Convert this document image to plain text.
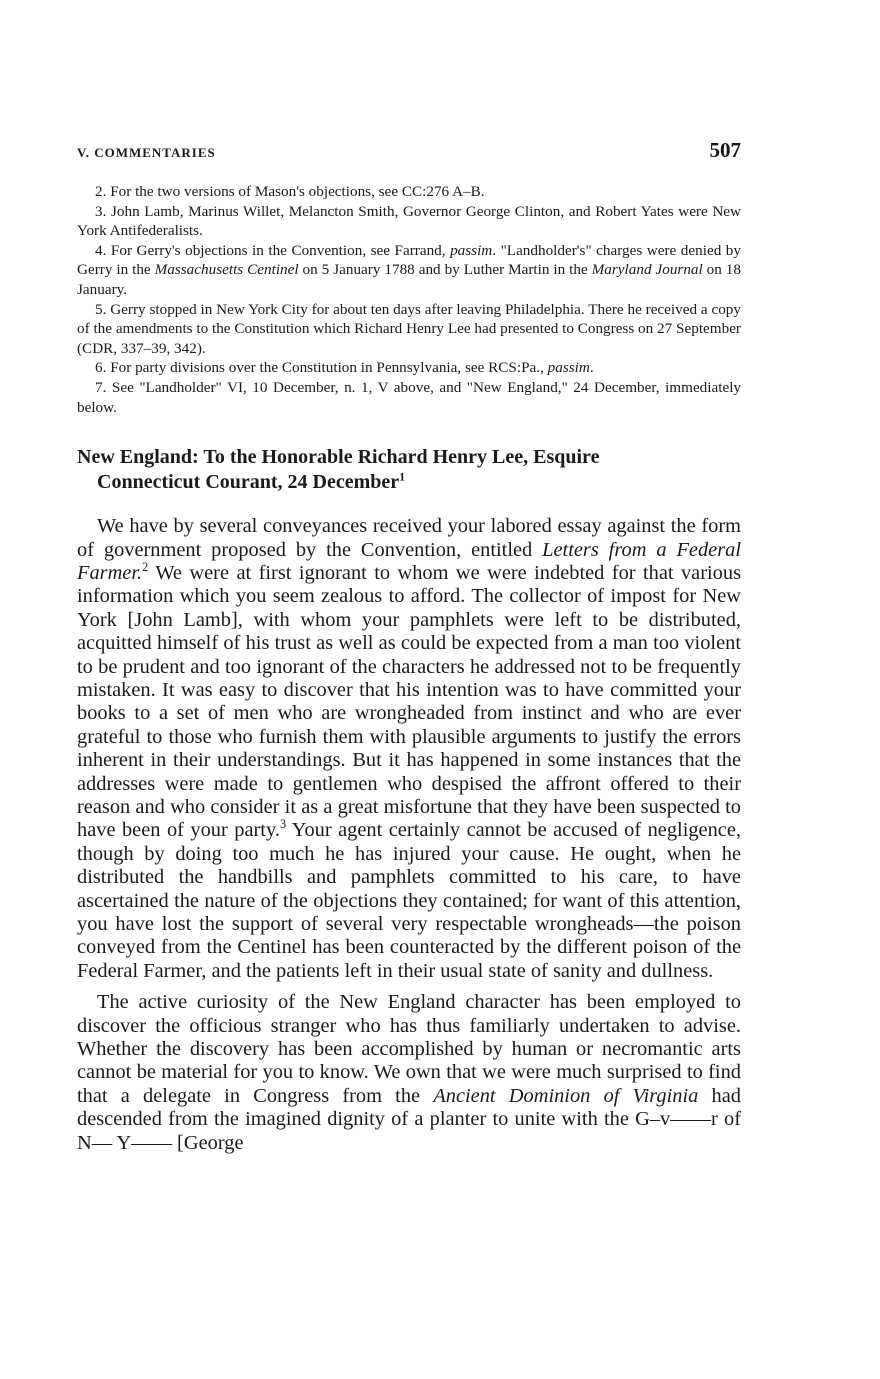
V. COMMENTARIES	507

2. For the two versions of Mason's objections, see CC:276 A–B.

3. John Lamb, Marinus Willet, Melancton Smith, Governor George Clinton, and Robert Yates were New York Antifederalists.

4. For Gerry's objections in the Convention, see Farrand, passim. "Landholder's" charges were denied by Gerry in the Massachusetts Centinel on 5 January 1788 and by Luther Martin in the Maryland Journal on 18 January.

5. Gerry stopped in New York City for about ten days after leaving Philadelphia. There he received a copy of the amendments to the Constitution which Richard Henry Lee had presented to Congress on 27 September (CDR, 337–39, 342).

6. For party divisions over the Constitution in Pennsylvania, see RCS:Pa., passim.

7. See "Landholder" VI, 10 December, n. 1, V above, and "New England," 24 December, immediately below.

New England: To the Honorable Richard Henry Lee, Esquire
Connecticut Courant, 24 December$^1$

We have by several conveyances received your labored essay against the form of government proposed by the Convention, entitled Letters from a Federal Farmer.$^2$ We were at first ignorant to whom we were indebted for that various information which you seem zealous to afford. The collector of impost for New York [John Lamb], with whom your pamphlets were left to be distributed, acquitted himself of his trust as well as could be expected from a man too violent to be prudent and too ignorant of the characters he addressed not to be frequently mistaken. It was easy to discover that his intention was to have committed your books to a set of men who are wrongheaded from instinct and who are ever grateful to those who furnish them with plausible arguments to justify the errors inherent in their understandings. But it has happened in some instances that the addresses were made to gentlemen who despised the affront offered to their reason and who consider it as a great misfortune that they have been suspected to have been of your party.$^3$ Your agent certainly cannot be accused of negligence, though by doing too much he has injured your cause. He ought, when he distributed the handbills and pamphlets committed to his care, to have ascertained the nature of the objections they contained; for want of this attention, you have lost the support of several very respectable wrongheads—the poison conveyed from the Centinel has been counteracted by the different poison of the Federal Farmer, and the patients left in their usual state of sanity and dullness.

The active curiosity of the New England character has been employed to discover the officious stranger who has thus familiarly undertaken to advise. Whether the discovery has been accomplished by human or necromantic arts cannot be material for you to know. We own that we were much surprised to find that a delegate in Congress from the Ancient Dominion of Virginia had descended from the imagined dignity of a planter to unite with the G–v——r of N— Y—— [George
